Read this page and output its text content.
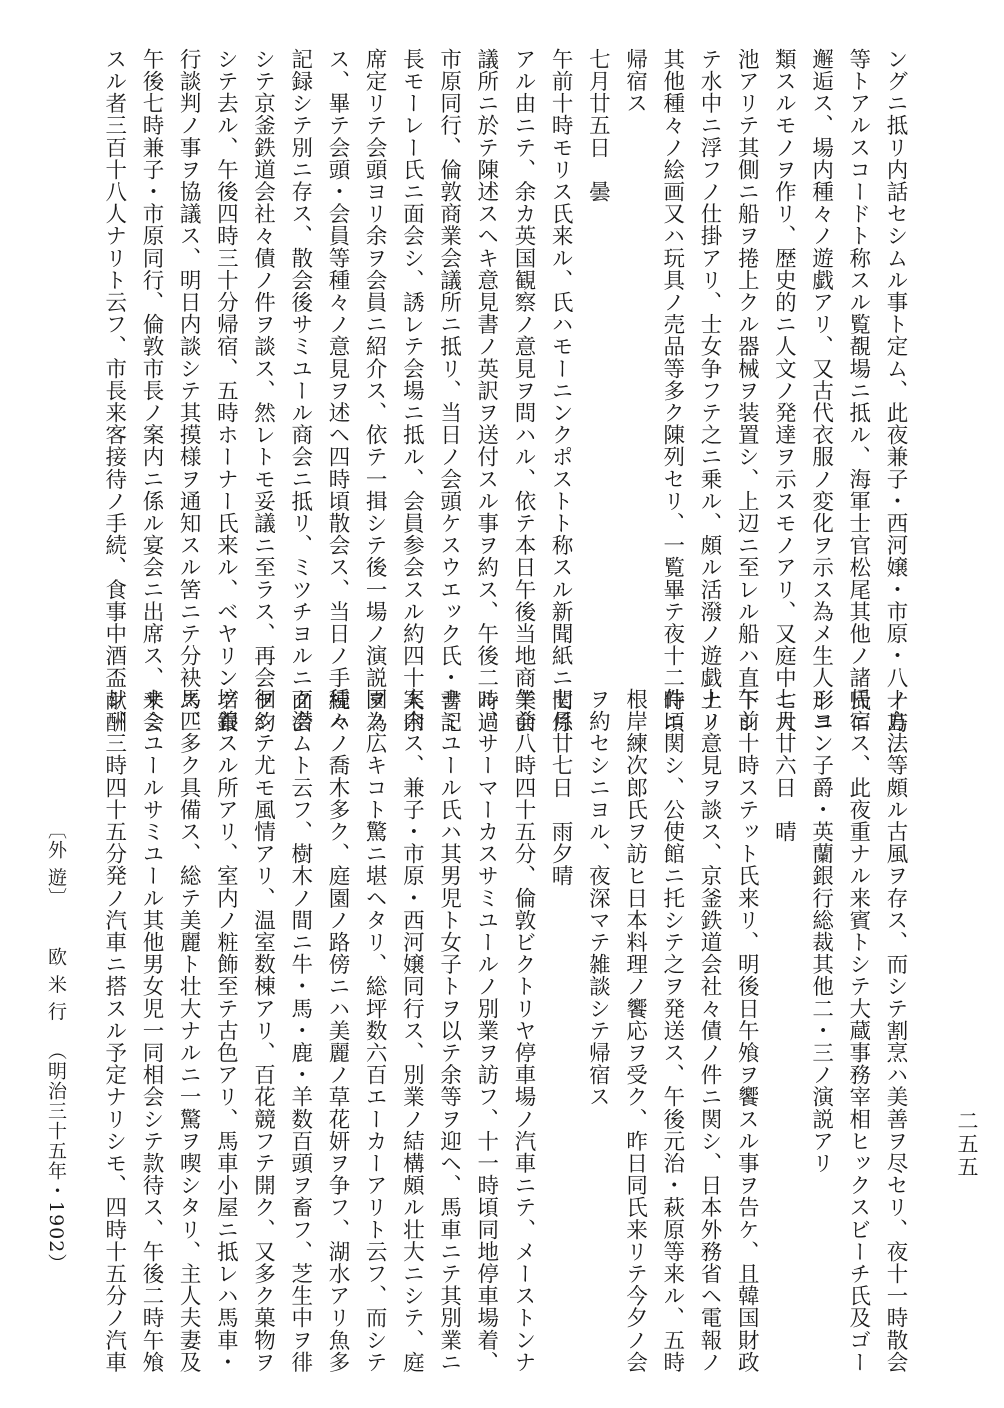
ングニ抵リ内話セシムル事ト定ム、此夜兼子・西河嬢・市原・八十島
等トアルスコードト称スル覧覩場ニ抵ル、海軍士官松尾其他ノ諸氏ニ
邂逅ス、場内種々ノ遊戯アリ、又古代衣服ノ変化ヲ示ス為メ生人形ニ
類スルモノヲ作リ、歴史的ニ人文ノ発達ヲ示スモノアリ、又庭中ニ大
池アリテ其側ニ船ヲ捲上クル器械ヲ装置シ、上辺ニ至レル船ハ直下シ
テ水中ニ浮フノ仕掛アリ、士女争フテ之ニ乗ル、頗ル活潑ノ遊戯ナリ
其他種々ノ絵画又ハ玩具ノ売品等多ク陳列セリ、一覧畢テ夜十二時頃
帰宿ス
七月廿五日　曇
午前十時モリス氏来ル、氏ハモーニンクポストト称スル新聞紙ニ関係
アル由ニテ、余カ英国観察ノ意見ヲ問ハル、依テ本日午後当地商業会
議所ニ於テ陳述スヘキ意見書ノ英訳ヲ送付スル事ヲ約ス、午後二時過
市原同行、倫敦商業会議所ニ抵リ、当日ノ会頭ケスウエック氏・書記
長モーレー氏ニ面会シ、誘レテ会場ニ抵ル、会員参会スル約四十人余
席定リテ会頭ヨリ余ヲ会員ニ紹介ス、依テ一揖シテ後一場ノ演説ヲ為
ス、畢テ会頭・会員等種々ノ意見ヲ述ヘ四時頃散会ス、当日ノ手続ハ
記録シテ別ニ存ス、散会後サミユール商会ニ抵リ、ミツチヨルニ面会
シテ京釜鉄道会社々債ノ件ヲ談ス、然レトモ妥議ニ至ラス、再会ヲ約
シテ去ル、午後四時三十分帰宿、五時ホーナー氏来ル、ベヤリング銀
行談判ノ事ヲ協議ス、明日内談シテ其摸様ヲ通知スル筈ニテ分袂ス、
午後七時兼子・市原同行、倫敦市長ノ案内ニ係ル宴会ニ出席ス、来会
スル者三百十八人ナリト云フ、市長来客接待ノ手続、食事中酒盃献酬
ノ方法等頗ル古風ヲ存ス、而シテ割烹ハ美善ヲ尽セリ、夜十一時散会
帰宿ス、此夜重ナル来賓トシテ大蔵事務宰相ヒックスビーチ氏及ゴー
シヨン子爵・英蘭銀行総裁其他二・三ノ演説アリ
七月廿六日　晴
午前十時ステット氏来リ、明後日午飧ヲ饗スル事ヲ告ケ、且韓国財政
上ノ意見ヲ談ス、京釜鉄道会社々債ノ件ニ関シ、日本外務省ヘ電報ノ
件ニ関シ、公使館ニ托シテ之ヲ発送ス、午後元治・萩原等来ル、五時
根岸練次郎氏ヲ訪ヒ日本料理ノ饗応ヲ受ク、昨日同氏来リテ今夕ノ会
ヲ約セシニヨル、夜深マテ雑談シテ帰宿ス
七月廿七日　雨夕晴
午前八時四十五分、倫敦ビクトリヤ停車場ノ汽車ニテ、メーストンナ
ル、サーマーカスサミユールノ別業ヲ訪フ、十一時頃同地停車場着、
サミユール氏ハ其男児ト女子トヲ以テ余等ヲ迎ヘ、馬車ニテ其別業ニ
案内ス、兼子・市原・西河嬢同行ス、別業ノ結構頗ル壮大ニシテ、庭
園ノ広キコト驚ニ堪ヘタリ、総坪数六百エーカーアリト云フ、而シテ
種々ノ喬木多ク、庭園ノ路傍ニハ美麗ノ草花妍ヲ争フ、湖水アリ魚多
ク潜ムト云フ、樹木ノ間ニ牛・馬・鹿・羊数百頭ヲ畜フ、芝生中ヲ徘
徊シテ尤モ風情アリ、温室数棟アリ、百花競フテ開ク、又多ク菓物ヲ
培養スル所アリ、室内ノ粧飾至テ古色アリ、馬車小屋ニ抵レハ馬車・
馬匹多ク具備ス、総テ美麗ト壮大ナルニ一驚ヲ喫シタリ、主人夫妻及
サミユールサミユール其他男女児一同相会シテ款待ス、午後二時午飧
シ、三時四十五分発ノ汽車ニ搭スル予定ナリシモ、四時十五分ノ汽車
〔外 遊〕　　欧 米 行　（明治三十五年・1902）	二五五
